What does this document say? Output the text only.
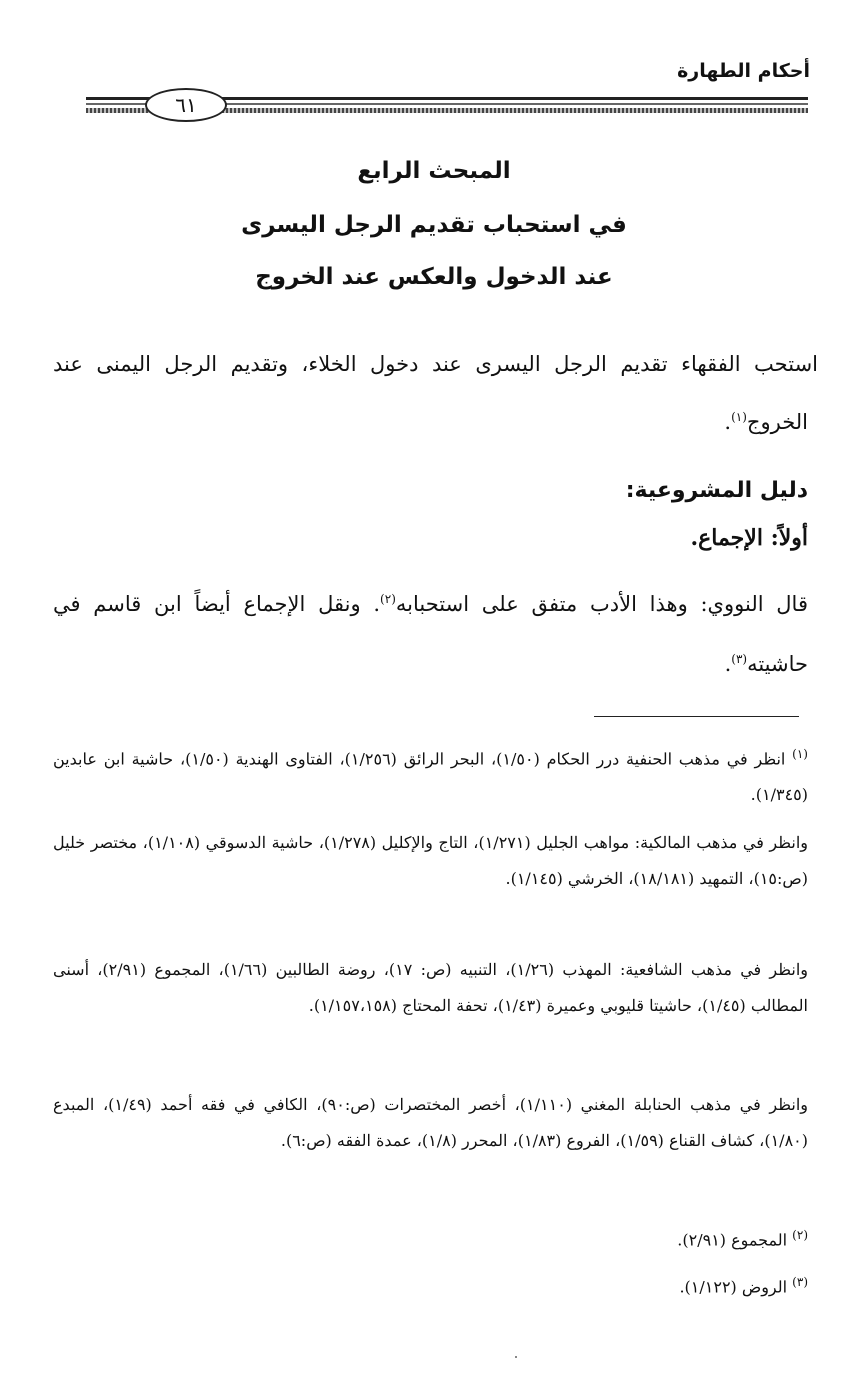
أحكام الطهارة
٦١
المبحث الرابع
في استحباب تقديم الرجل اليسرى
عند الدخول والعكس عند الخروج
استحب الفقهاء تقديم الرجل اليسرى عند دخول الخلاء، وتقديم الرجل اليمنى عند الخروج$^{(١)}$.
دليل المشروعية:
أولاً: الإجماع.
قال النووي: وهذا الأدب متفق على استحبابه$^{(٢)}$. ونقل الإجماع أيضاً ابن قاسم في حاشيته$^{(٣)}$.
$^{(١)}$ انظر في مذهب الحنفية درر الحكام (١/٥٠)، البحر الرائق (١/٢٥٦)، الفتاوى الهندية (١/٥٠)، حاشية ابن عابدين (١/٣٤٥).
وانظر في مذهب المالكية: مواهب الجليل (١/٢٧١)، التاج والإكليل (١/٢٧٨)، حاشية الدسوقي (١/١٠٨)، مختصر خليل (ص:١٥)، التمهيد (١٨/١٨١)، الخرشي (١/١٤٥).
وانظر في مذهب الشافعية: المهذب (١/٢٦)، التنبيه (ص: ١٧)، روضة الطالبين (١/٦٦)، المجموع (٢/٩١)، أسنى المطالب (١/٤٥)، حاشيتا قليوبي وعميرة (١/٤٣)، تحفة المحتاج (١/١٥٧،١٥٨).
وانظر في مذهب الحنابلة المغني (١/١١٠)، أخصر المختصرات (ص:٩٠)، الكافي في فقه أحمد (١/٤٩)، المبدع (١/٨٠)، كشاف القناع (١/٥٩)، الفروع (١/٨٣)، المحرر (١/٨)، عمدة الفقه (ص:٦).
$^{(٢)}$ المجموع (٢/٩١).
$^{(٣)}$ الروض (١/١٢٢).
